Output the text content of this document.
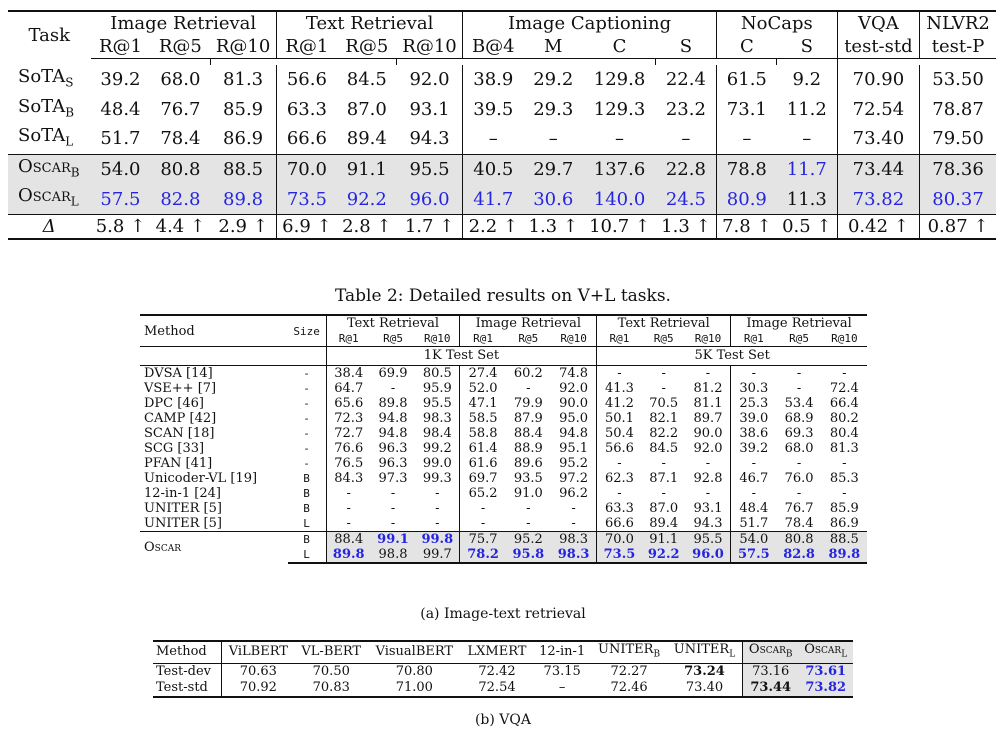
Task	Image Retrieval			Text Retrieval			Image Captioning				NoCaps		VQA	NLVR2
	R@1	R@5	R@10	R@1	R@5	R@10	B@4	M	C	S	C	S	test-std	test-P

SoTA$_S$	39.2	68.0	81.3	56.6	84.5	92.0	38.9	29.2	129.8	22.4	61.5	9.2	70.90	53.50
SoTA$_B$	48.4	76.7	85.9	63.3	87.0	93.1	39.5	29.3	129.3	23.2	73.1	11.2	72.54	78.87
SoTA$_L$	51.7	78.4	86.9	66.6	89.4	94.3	–	–	–	–	–	–	73.40	79.50
Oscar$_B$	54.0	80.8	88.5	70.0	91.1	95.5	40.5	29.7	137.6	22.8	78.8	11.7	73.44	78.36
Oscar$_L$	57.5	82.8	89.8	73.5	92.2	96.0	41.7	30.6	140.0	24.5	80.9	11.3	73.82	80.37
Δ	5.8 ↑	4.4 ↑	2.9 ↑	6.9 ↑	2.8 ↑	1.7 ↑	2.2 ↑	1.3 ↑	10.7 ↑	1.3 ↑	7.8 ↑	0.5 ↑	0.42 ↑	0.87 ↑
Table 2: Detailed results on V+L tasks.
Method	Size	Text Retrieval			Image Retrieval			Text Retrieval			Image Retrieval		
		R@1	R@5	R@10	R@1	R@5	R@10	R@1	R@5	R@10	R@1	R@5	R@10
		1K Test Set						5K Test Set					
DVSA [14]	-	38.4	69.9	80.5	27.4	60.2	74.8	-	-	-	-	-	-
VSE++ [7]	-	64.7	-	95.9	52.0	-	92.0	41.3	-	81.2	30.3	-	72.4
DPC [46]	-	65.6	89.8	95.5	47.1	79.9	90.0	41.2	70.5	81.1	25.3	53.4	66.4
CAMP [42]	-	72.3	94.8	98.3	58.5	87.9	95.0	50.1	82.1	89.7	39.0	68.9	80.2
SCAN [18]	-	72.7	94.8	98.4	58.8	88.4	94.8	50.4	82.2	90.0	38.6	69.3	80.4
SCG [33]	-	76.6	96.3	99.2	61.4	88.9	95.1	56.6	84.5	92.0	39.2	68.0	81.3
PFAN [41]	-	76.5	96.3	99.0	61.6	89.6	95.2	-	-	-	-	-	-
Unicoder-VL [19]	B	84.3	97.3	99.3	69.7	93.5	97.2	62.3	87.1	92.8	46.7	76.0	85.3
12-in-1 [24]	B	-	-	-	65.2	91.0	96.2	-	-	-	-	-	-
UNITER [5]	B	-	-	-	-	-	-	63.3	87.0	93.1	48.4	76.7	85.9
UNITER [5]	L	-	-	-	-	-	-	66.6	89.4	94.3	51.7	78.4	86.9
Oscar	B	88.4	99.1	99.8	75.7	95.2	98.3	70.0	91.1	95.5	54.0	80.8	88.5
	L	89.8	98.8	99.7	78.2	95.8	98.3	73.5	92.2	96.0	57.5	82.8	89.8
(a) Image-text retrieval
Method	ViLBERT	VL-BERT	VisualBERT	LXMERT	12-in-1	$UNITER_B$	$UNITER_L$	Oscar$_B$	Oscar$_L$
Test-dev	70.63	70.50	70.80	72.42	73.15	72.27	73.24	73.16	73.61
Test-std	70.92	70.83	71.00	72.54	–	72.46	73.40	73.44	73.82
(b) VQA
